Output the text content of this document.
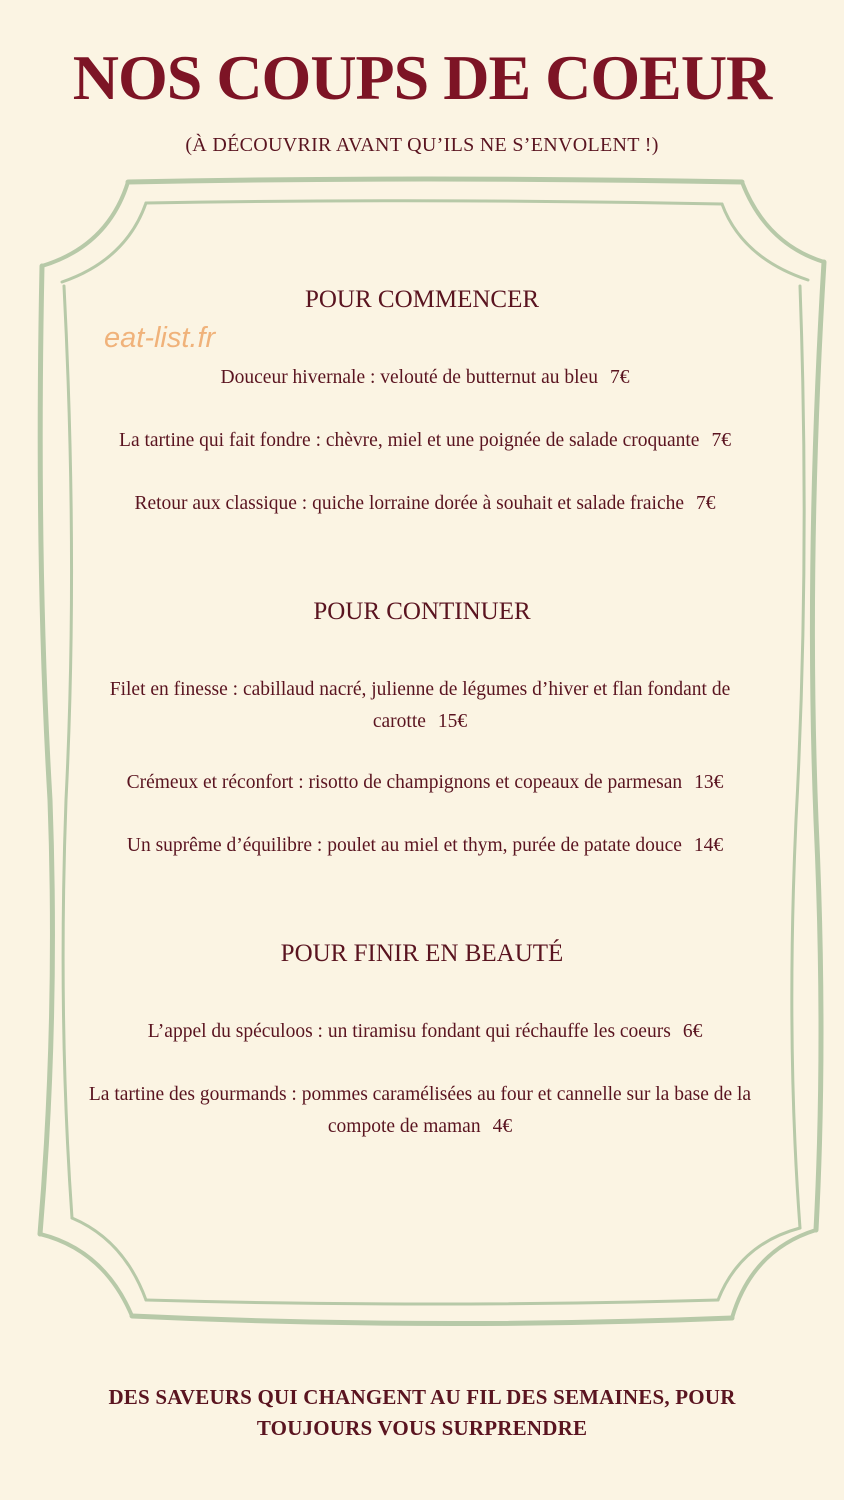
NOS COUPS DE COEUR
(À DÉCOUVRIR AVANT QU’ILS NE S’ENVOLENT !)
eat-list.fr
POUR COMMENCER
Douceur hivernale : velouté de butternut au bleu 7€
La tartine qui fait fondre : chèvre, miel et une poignée de salade croquante 7€
Retour aux classique : quiche lorraine dorée à souhait et salade fraiche 7€
POUR CONTINUER
Filet en finesse : cabillaud nacré, julienne de légumes d’hiver et flan fondant de carotte 15€
Crémeux et réconfort : risotto de champignons et copeaux de parmesan 13€
Un suprême d’équilibre : poulet au miel et thym, purée de patate douce 14€
POUR FINIR EN BEAUTÉ
L’appel du spéculoos : un tiramisu fondant qui réchauffe les coeurs 6€
La tartine des gourmands : pommes caramélisées au four et cannelle sur la base de la compote de maman 4€
DES SAVEURS QUI CHANGENT AU FIL DES SEMAINES, POUR TOUJOURS VOUS SURPRENDRE
